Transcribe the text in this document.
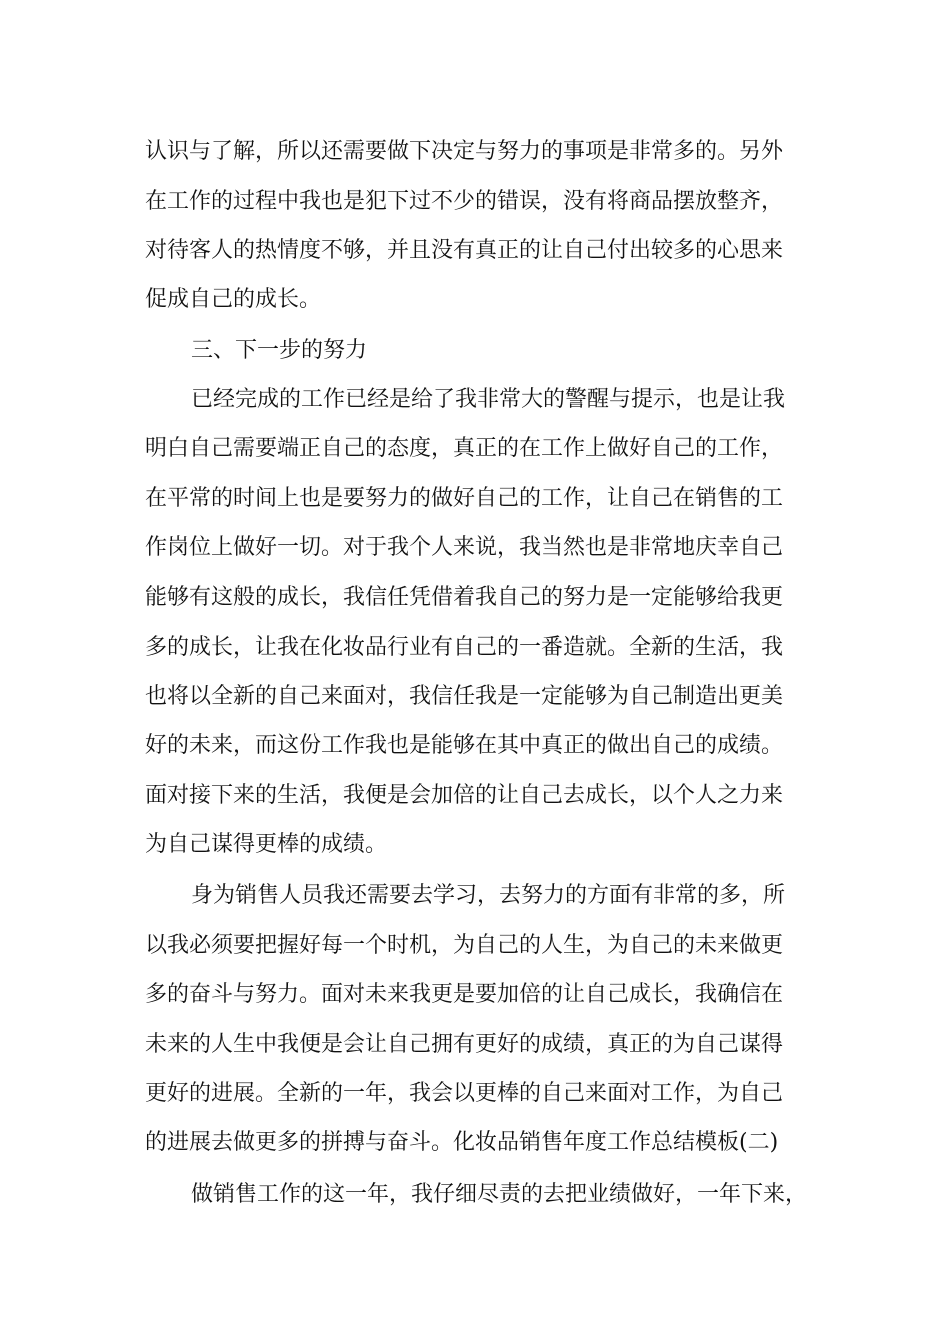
认识与了解，所以还需要做下决定与努力的事项是非常多的。另外
在工作的过程中我也是犯下过不少的错误，没有将商品摆放整齐，
对待客人的热情度不够，并且没有真正的让自己付出较多的心思来
促成自己的成长。
三、下一步的努力
已经完成的工作已经是给了我非常大的警醒与提示，也是让我
明白自己需要端正自己的态度，真正的在工作上做好自己的工作，
在平常的时间上也是要努力的做好自己的工作，让自己在销售的工
作岗位上做好一切。对于我个人来说，我当然也是非常地庆幸自己
能够有这般的成长，我信任凭借着我自己的努力是一定能够给我更
多的成长，让我在化妆品行业有自己的一番造就。全新的生活，我
也将以全新的自己来面对，我信任我是一定能够为自己制造出更美
好的未来，而这份工作我也是能够在其中真正的做出自己的成绩。
面对接下来的生活，我便是会加倍的让自己去成长，以个人之力来
为自己谋得更棒的成绩。
身为销售人员我还需要去学习，去努力的方面有非常的多，所
以我必须要把握好每一个时机，为自己的人生，为自己的未来做更
多的奋斗与努力。面对未来我更是要加倍的让自己成长，我确信在
未来的人生中我便是会让自己拥有更好的成绩，真正的为自己谋得
更好的进展。全新的一年，我会以更棒的自己来面对工作，为自己
的进展去做更多的拼搏与奋斗。化妆品销售年度工作总结模板(二)
做销售工作的这一年，我仔细尽责的去把业绩做好，一年下来，
